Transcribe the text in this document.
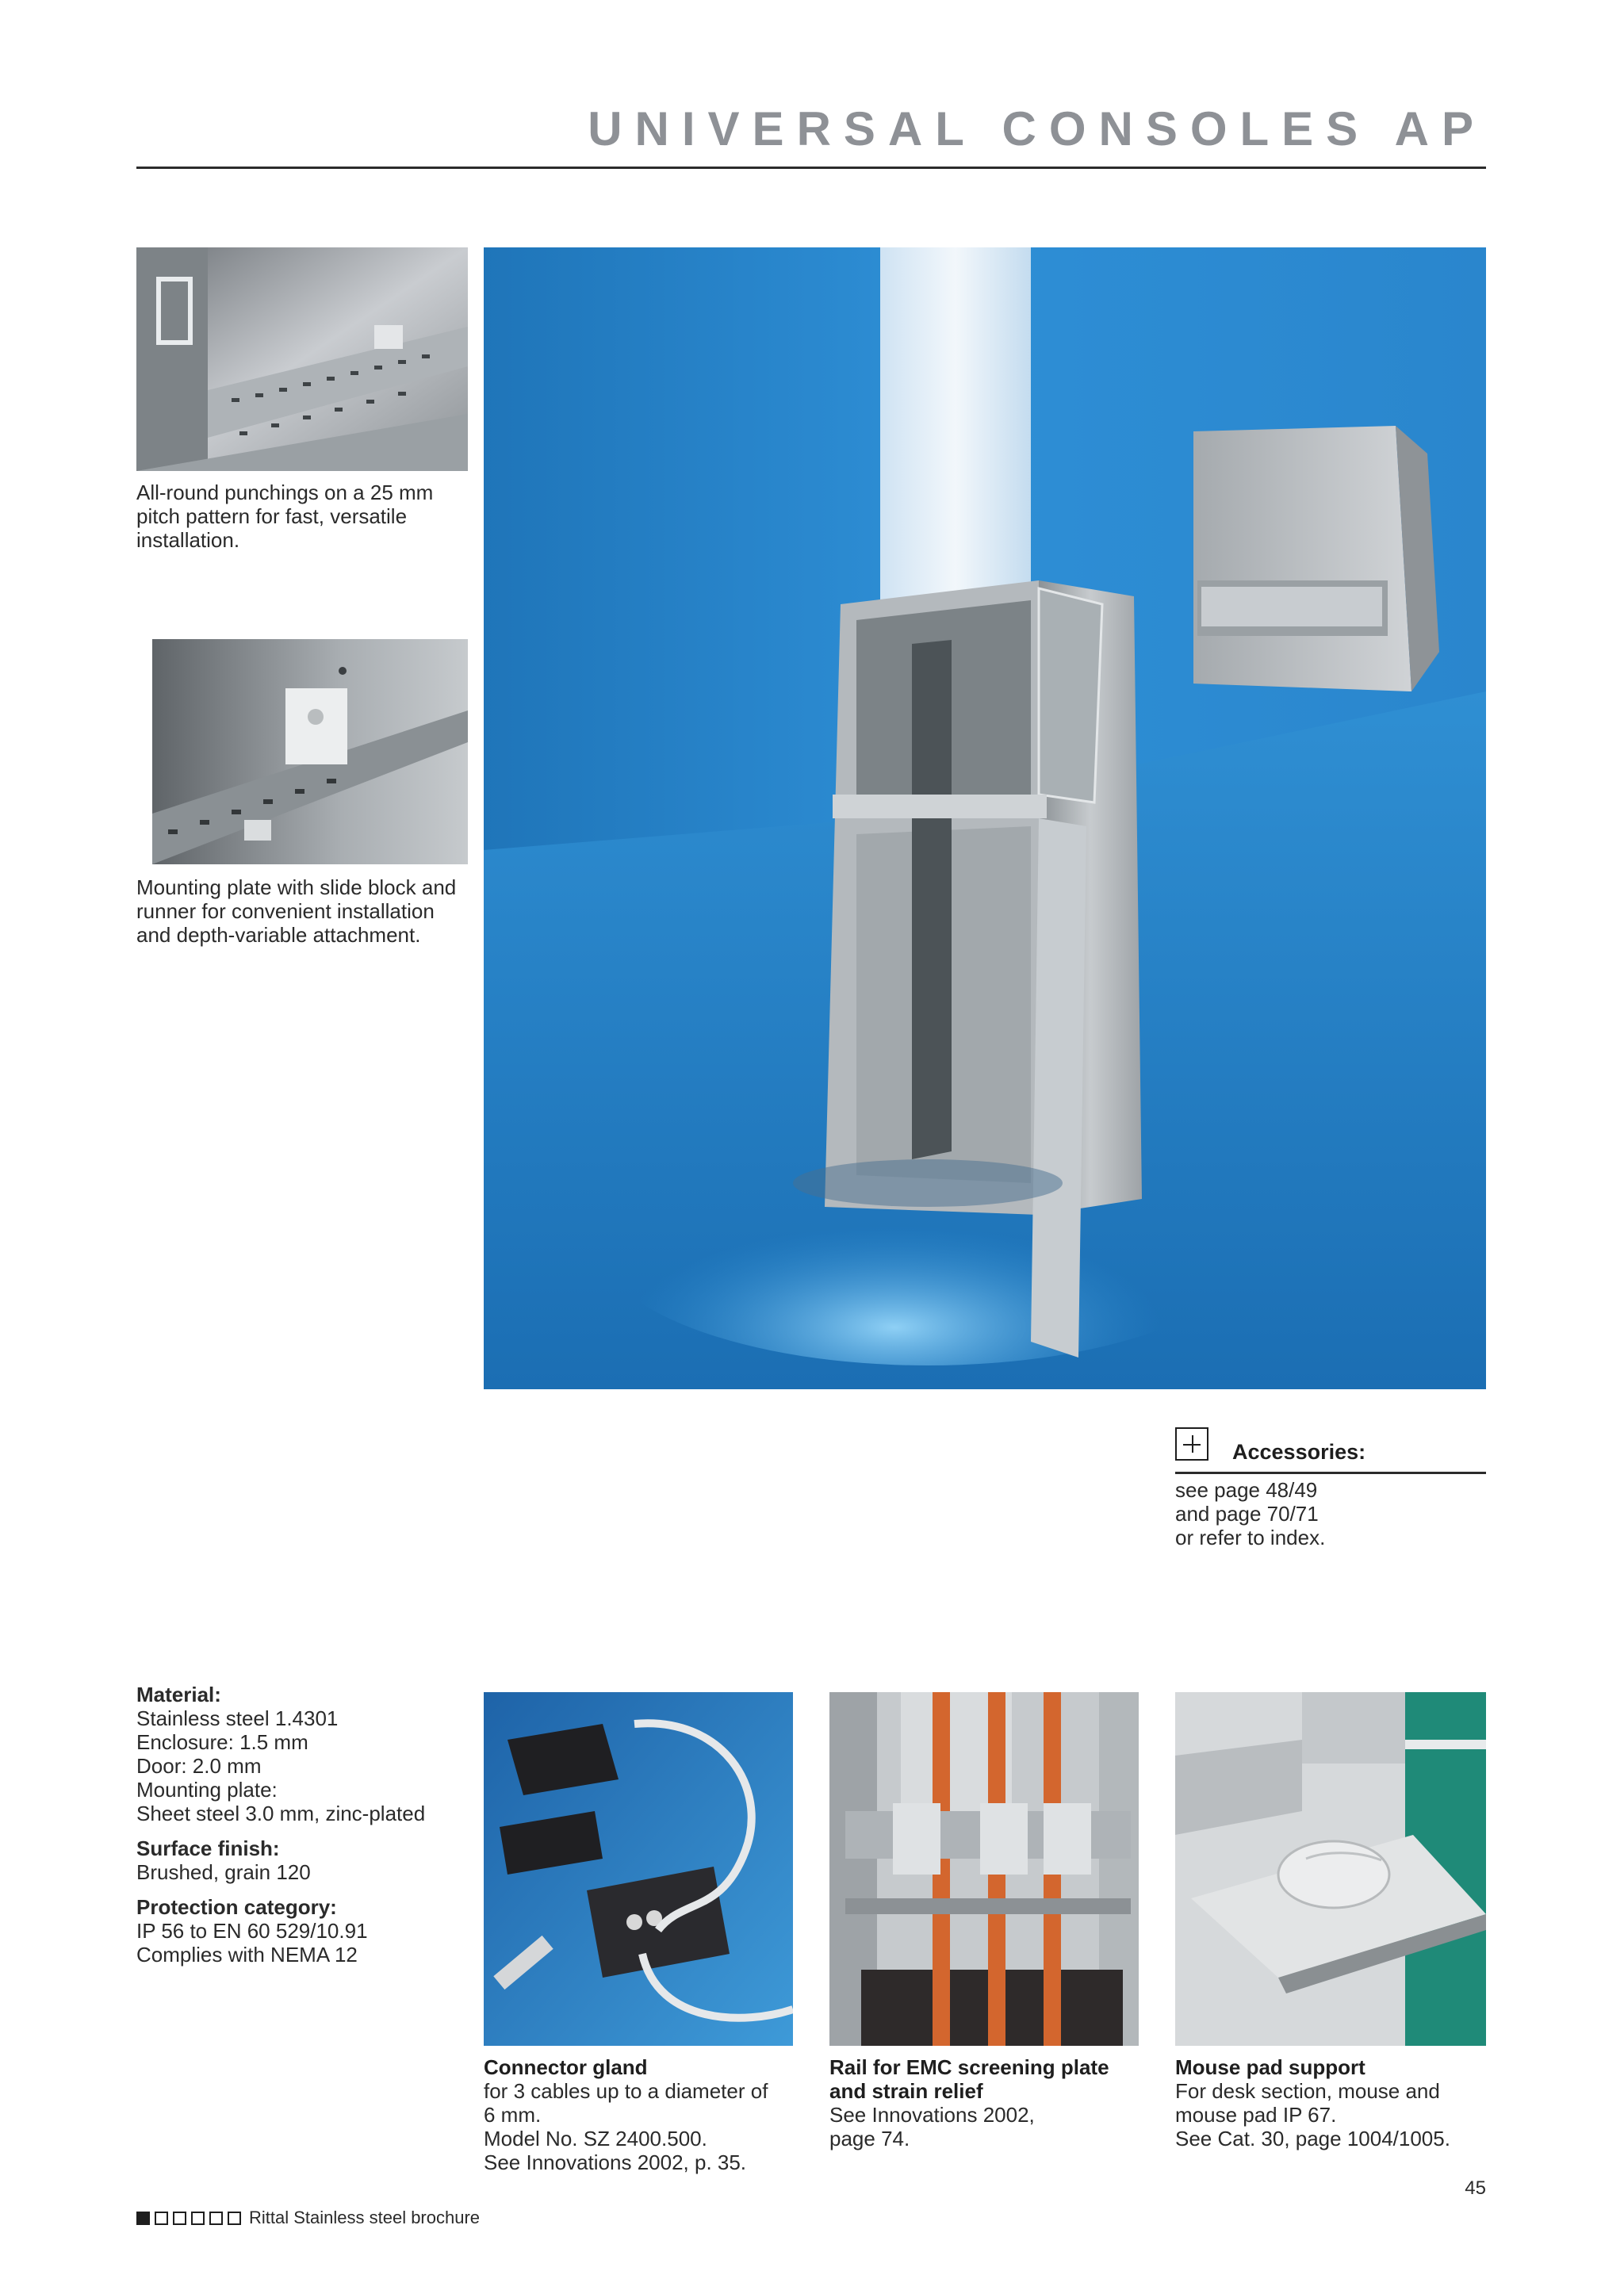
UNIVERSAL CONSOLES AP
All-round punchings on a 25 mm pitch pattern for fast, versatile installation.
Mounting plate with slide block and runner for convenient installation and depth-variable attachment.
Accessories:
see page 48/49
and page 70/71
or refer to index.

Material:

Stainless steel 1.4301

Enclosure: 1.5 mm

Door: 2.0 mm

Mounting plate:

Sheet steel 3.0 mm, zinc-plated

Surface finish:

Brushed, grain 120

Protection category:

IP 56 to EN 60 529/10.91

Complies with NEMA 12

Connector gland
for 3 cables up to a diameter of
6 mm.
Model No. SZ 2400.500.
See Innovations 2002, p. 35.
Rail for EMC screening plate
and strain relief
See Innovations 2002,
page 74.
Mouse pad support
For desk section, mouse and
mouse pad IP 67.
See Cat. 30, page 1004/1005.
45
Rittal Stainless steel brochure
